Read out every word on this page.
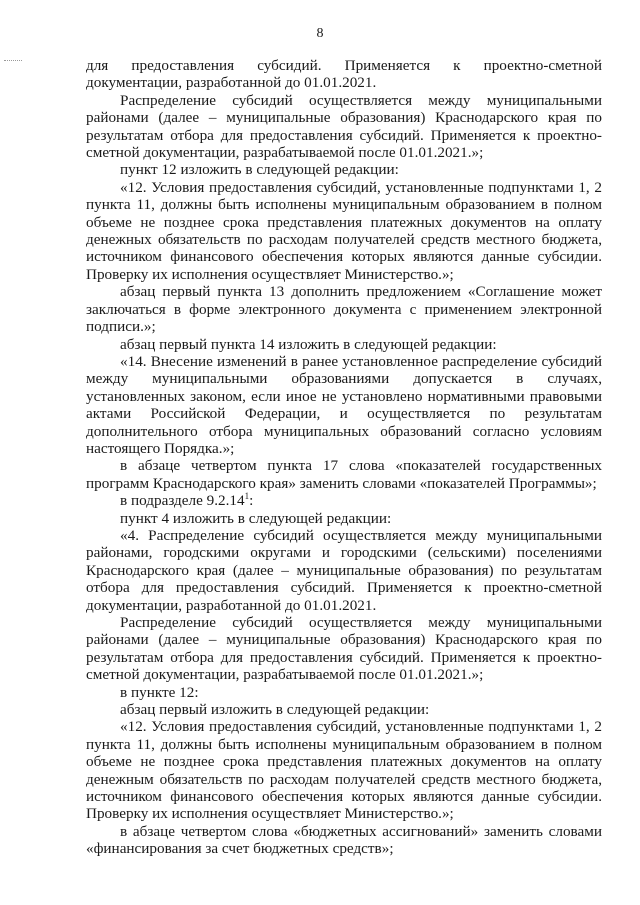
8

для предоставления субсидий. Применяется к проектно-сметной документации, разработанной до 01.01.2021.

Распределение субсидий осуществляется между муниципальными районами (далее – муниципальные образования) Краснодарского края по результатам отбора для предоставления субсидий. Применяется к проектно-сметной документации, разрабатываемой после 01.01.2021.»;

пункт 12 изложить в следующей редакции:

«12. Условия предоставления субсидий, установленные подпунктами 1, 2 пункта 11, должны быть исполнены муниципальным образованием в полном объеме не позднее срока представления платежных документов на оплату денежных обязательств по расходам получателей средств местного бюджета, источником финансового обеспечения которых являются данные субсидии. Проверку их исполнения осуществляет Министерство.»;

абзац первый пункта 13 дополнить предложением «Соглашение может заключаться в форме электронного документа с применением электронной подписи.»;

абзац первый пункта 14 изложить в следующей редакции:

«14. Внесение изменений в ранее установленное распределение субсидий между муниципальными образованиями допускается в случаях, установленных законом, если иное не установлено нормативными правовыми актами Российской Федерации, и осуществляется по результатам дополнительного отбора муниципальных образований согласно условиям настоящего Порядка.»;

в абзаце четвертом пункта 17 слова «показателей государственных программ Краснодарского края» заменить словами «показателей Программы»;

в подразделе 9.2.14$^1$:

пункт 4 изложить в следующей редакции:

«4. Распределение субсидий осуществляется между муниципальными районами, городскими округами и городскими (сельскими) поселениями Краснодарского края (далее – муниципальные образования) по результатам отбора для предоставления субсидий. Применяется к проектно-сметной документации, разработанной до 01.01.2021.

Распределение субсидий осуществляется между муниципальными районами (далее – муниципальные образования) Краснодарского края по результатам отбора для предоставления субсидий. Применяется к проектно-сметной документации, разрабатываемой после 01.01.2021.»;

в пункте 12:

абзац первый изложить в следующей редакции:

«12. Условия предоставления субсидий, установленные подпунктами 1, 2 пункта 11, должны быть исполнены муниципальным образованием в полном объеме не позднее срока представления платежных документов на оплату денежным обязательств по расходам получателей средств местного бюджета, источником финансового обеспечения которых являются данные субсидии. Проверку их исполнения осуществляет Министерство.»;

в абзаце четвертом слова «бюджетных ассигнований» заменить словами «финансирования за счет бюджетных средств»;
